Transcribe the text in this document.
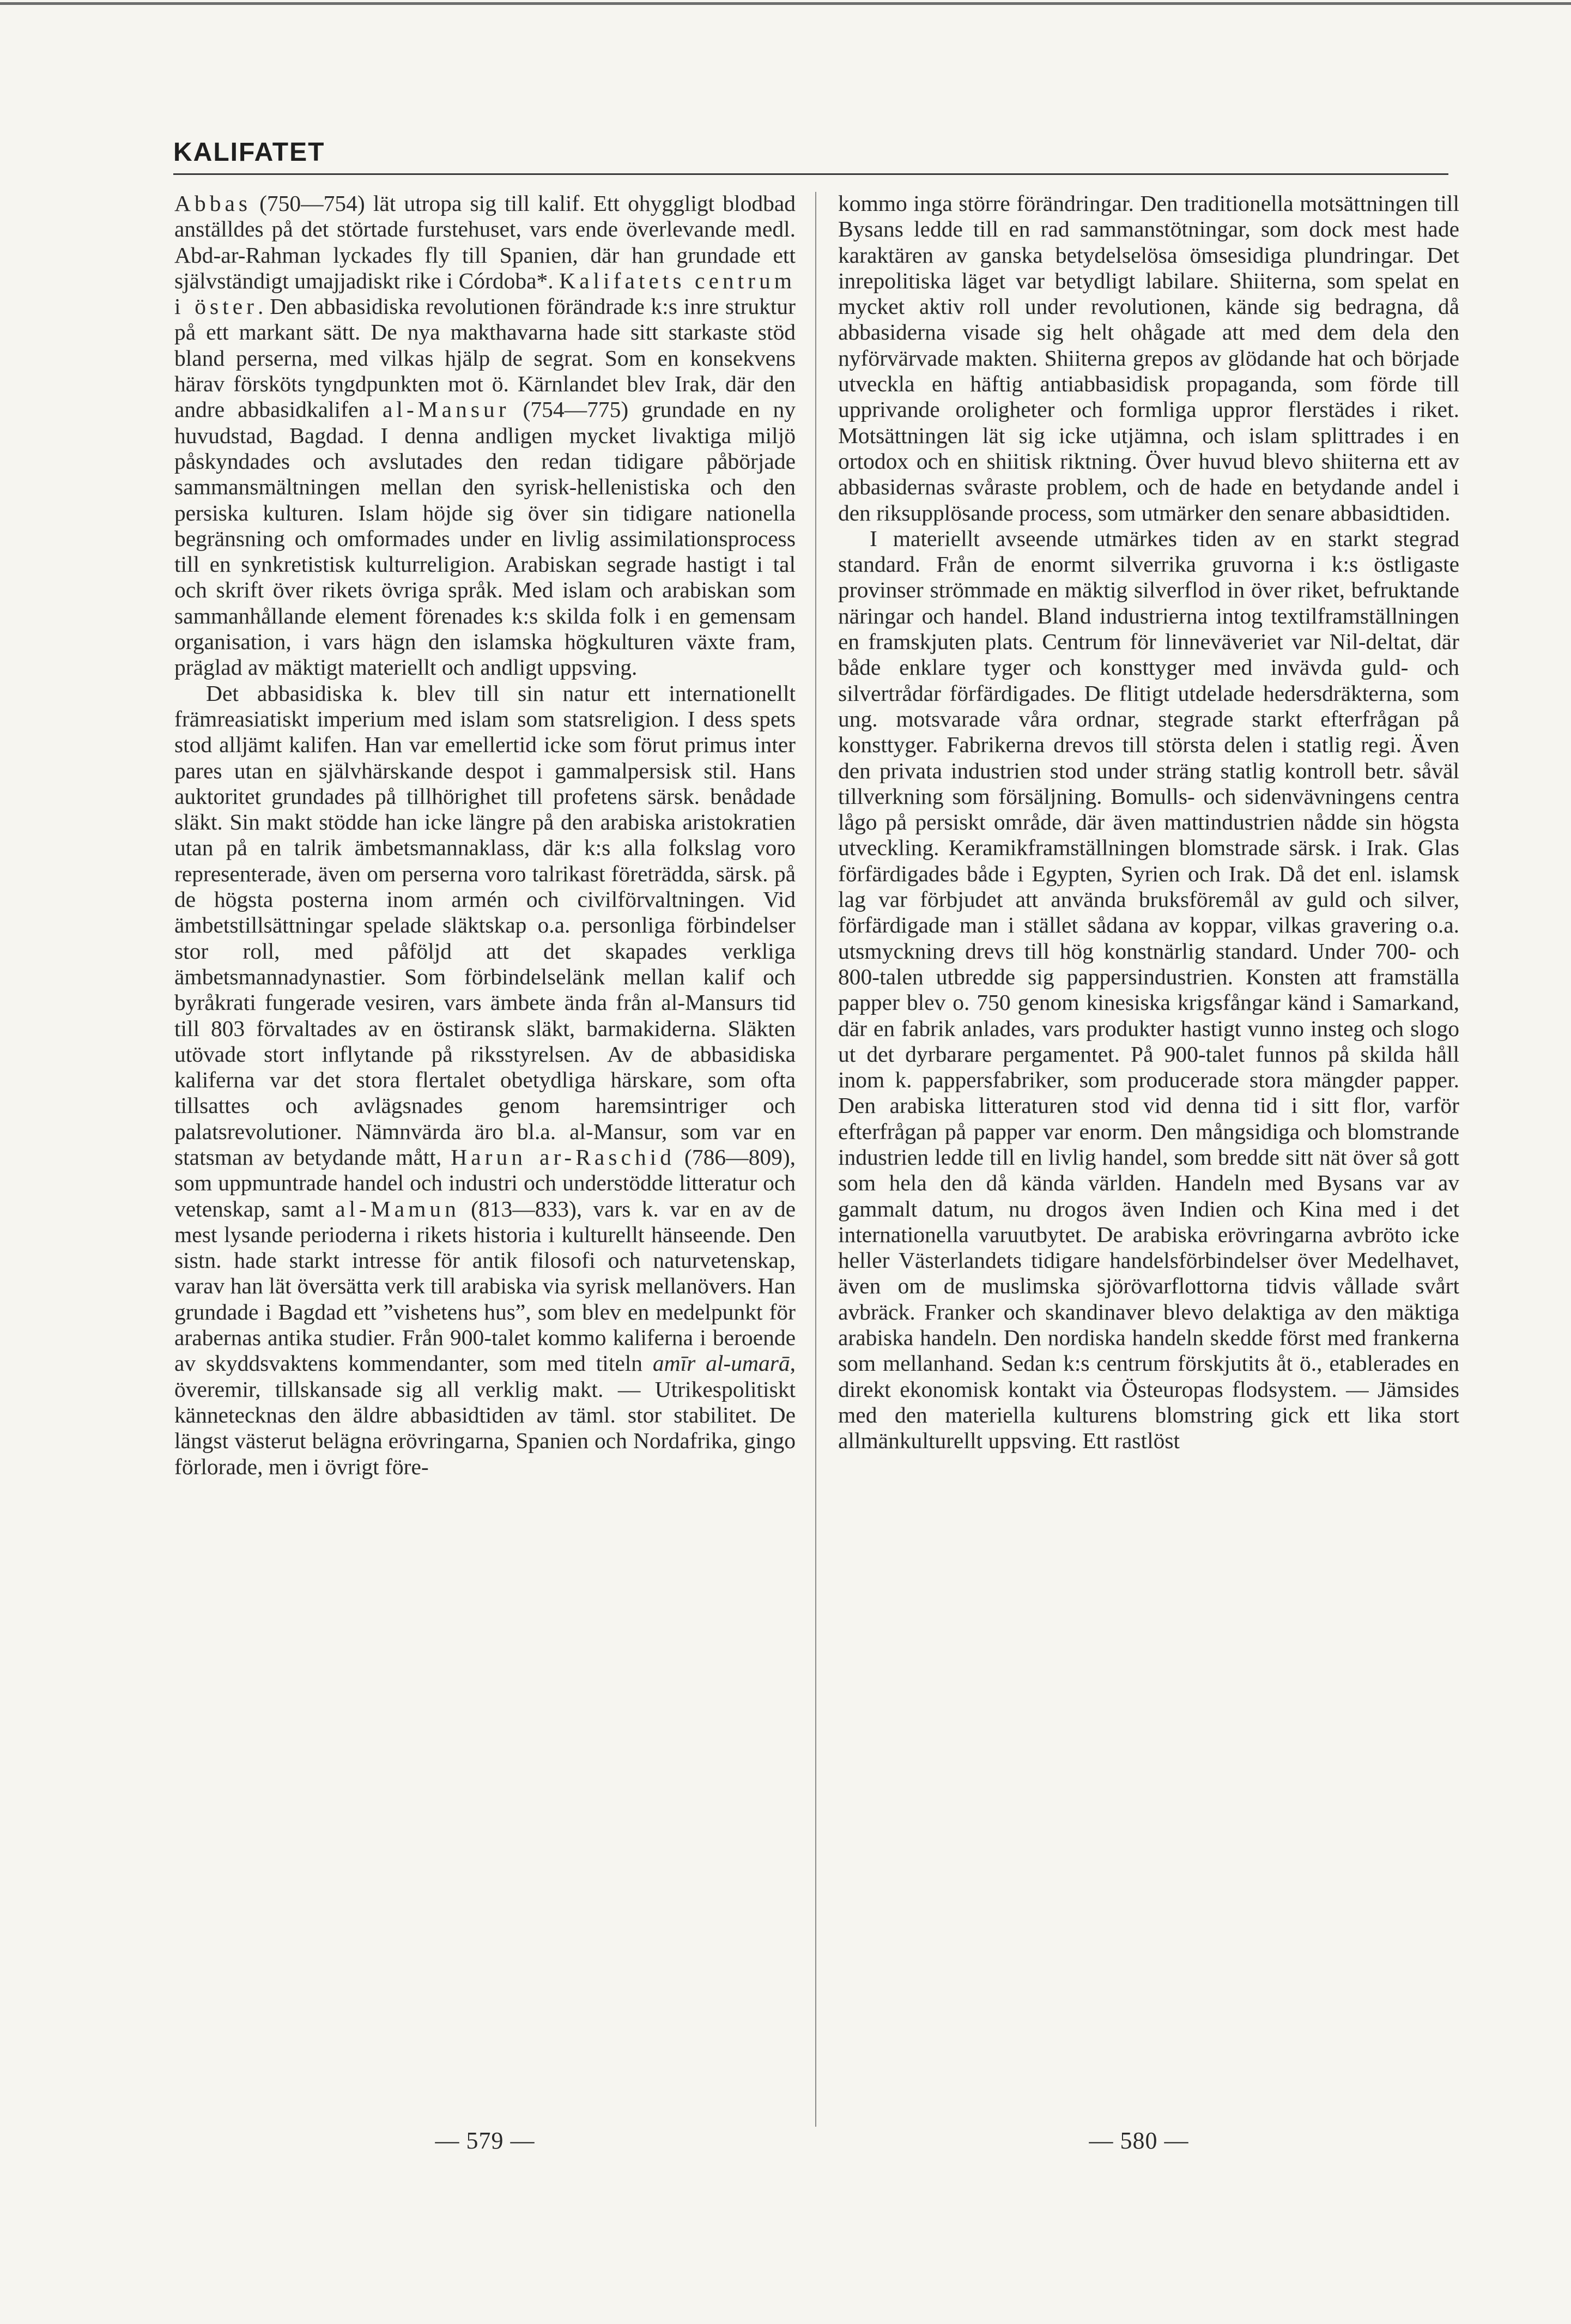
KALIFATET

Abbas (750—754) lät utropa sig till kalif. Ett ohyggligt blodbad anställdes på det störtade furstehuset, vars ende överlevande medl. Abd-ar-Rahman lyckades fly till Spanien, där han grundade ett självständigt umajjadiskt rike i Córdoba*. Kalifatets centrum i öster. Den abbasidiska revolutionen förändrade k:s inre struktur på ett markant sätt. De nya makthavarna hade sitt starkaste stöd bland perserna, med vilkas hjälp de segrat. Som en konsekvens härav försköts tyngdpunkten mot ö. Kärnlandet blev Irak, där den andre abbasidkalifen al-Mansur (754—775) grundade en ny huvudstad, Bagdad. I denna andligen mycket livaktiga miljö påskyndades och avslutades den redan tidigare påbörjade sammansmältningen mellan den syrisk-hellenistiska och den persiska kulturen. Islam höjde sig över sin tidigare nationella begränsning och omformades under en livlig assimilationsprocess till en synkretistisk kulturreligion. Arabiskan segrade hastigt i tal och skrift över rikets övriga språk. Med islam och arabiskan som sammanhållande element förenades k:s skilda folk i en gemensam organisation, i vars hägn den islamska högkulturen växte fram, präglad av mäktigt materiellt och andligt uppsving.

Det abbasidiska k. blev till sin natur ett internationellt främreasiatiskt imperium med islam som statsreligion. I dess spets stod alljämt kalifen. Han var emellertid icke som förut primus inter pares utan en självhärskande despot i gammalpersisk stil. Hans auktoritet grundades på tillhörighet till profetens särsk. benådade släkt. Sin makt stödde han icke längre på den arabiska aristokratien utan på en talrik ämbetsmannaklass, där k:s alla folkslag voro representerade, även om perserna voro talrikast företrädda, särsk. på de högsta posterna inom armén och civilförvaltningen. Vid ämbetstillsättningar spelade släktskap o.a. personliga förbindelser stor roll, med påföljd att det skapades verkliga ämbetsmannadynastier. Som förbindelselänk mellan kalif och byråkrati fungerade vesiren, vars ämbete ända från al-Mansurs tid till 803 förvaltades av en östiransk släkt, barmakiderna. Släkten utövade stort inflytande på riksstyrelsen. Av de abbasidiska kaliferna var det stora flertalet obetydliga härskare, som ofta tillsattes och avlägsnades genom haremsintriger och palatsrevolutioner. Nämnvärda äro bl.a. al-Mansur, som var en statsman av betydande mått, Harun ar-Raschid (786—809), som uppmuntrade handel och industri och understödde litteratur och vetenskap, samt al-Mamun (813—833), vars k. var en av de mest lysande perioderna i rikets historia i kulturellt hänseende. Den sistn. hade starkt intresse för antik filosofi och naturvetenskap, varav han lät översätta verk till arabiska via syrisk mellanövers. Han grundade i Bagdad ett ”vishetens hus”, som blev en medelpunkt för arabernas antika studier. Från 900-talet kommo kaliferna i beroende av skyddsvaktens kommendanter, som med titeln amīr al-umarā, överemir, tillskansade sig all verklig makt. — Utrikespolitiskt kännetecknas den äldre abbasidtiden av täml. stor stabilitet. De längst västerut belägna erövringarna, Spanien och Nordafrika, gingo förlorade, men i övrigt före-

kommo inga större förändringar. Den traditionella motsättningen till Bysans ledde till en rad sammanstötningar, som dock mest hade karaktären av ganska betydelselösa ömsesidiga plundringar. Det inrepolitiska läget var betydligt labilare. Shiiterna, som spelat en mycket aktiv roll under revolutionen, kände sig bedragna, då abbasiderna visade sig helt ohågade att med dem dela den nyförvärvade makten. Shiiterna grepos av glödande hat och började utveckla en häftig antiabbasidisk propaganda, som förde till upprivande oroligheter och formliga uppror flerstädes i riket. Motsättningen lät sig icke utjämna, och islam splittrades i en ortodox och en shiitisk riktning. Över huvud blevo shiiterna ett av abbasidernas svåraste problem, och de hade en betydande andel i den riksupplösande process, som utmärker den senare abbasidtiden.

I materiellt avseende utmärkes tiden av en starkt stegrad standard. Från de enormt silverrika gruvorna i k:s östligaste provinser strömmade en mäktig silverflod in över riket, befruktande näringar och handel. Bland industrierna intog textilframställningen en framskjuten plats. Centrum för linneväveriet var Nil-deltat, där både enklare tyger och konsttyger med invävda guld- och silvertrådar förfärdigades. De flitigt utdelade hedersdräkterna, som ung. motsvarade våra ordnar, stegrade starkt efterfrågan på konsttyger. Fabrikerna drevos till största delen i statlig regi. Även den privata industrien stod under sträng statlig kontroll betr. såväl tillverkning som försäljning. Bomulls- och sidenvävningens centra lågo på persiskt område, där även mattindustrien nådde sin högsta utveckling. Keramikframställningen blomstrade särsk. i Irak. Glas förfärdigades både i Egypten, Syrien och Irak. Då det enl. islamsk lag var förbjudet att använda bruksföremål av guld och silver, förfärdigade man i stället sådana av koppar, vilkas gravering o.a. utsmyckning drevs till hög konstnärlig standard. Under 700- och 800-talen utbredde sig pappersindustrien. Konsten att framställa papper blev o. 750 genom kinesiska krigsfångar känd i Samarkand, där en fabrik anlades, vars produkter hastigt vunno insteg och slogo ut det dyrbarare pergamentet. På 900-talet funnos på skilda håll inom k. pappersfabriker, som producerade stora mängder papper. Den arabiska litteraturen stod vid denna tid i sitt flor, varför efterfrågan på papper var enorm. Den mångsidiga och blomstrande industrien ledde till en livlig handel, som bredde sitt nät över så gott som hela den då kända världen. Handeln med Bysans var av gammalt datum, nu drogos även Indien och Kina med i det internationella varuutbytet. De arabiska erövringarna avbröto icke heller Västerlandets tidigare handelsförbindelser över Medelhavet, även om de muslimska sjörövarflottorna tidvis vållade svårt avbräck. Franker och skandinaver blevo delaktiga av den mäktiga arabiska handeln. Den nordiska handeln skedde först med frankerna som mellanhand. Sedan k:s centrum förskjutits åt ö., etablerades en direkt ekonomisk kontakt via Östeuropas flodsystem. — Jämsides med den materiella kulturens blomstring gick ett lika stort allmänkulturellt uppsving. Ett rastlöst

— 579 —	— 580 —
